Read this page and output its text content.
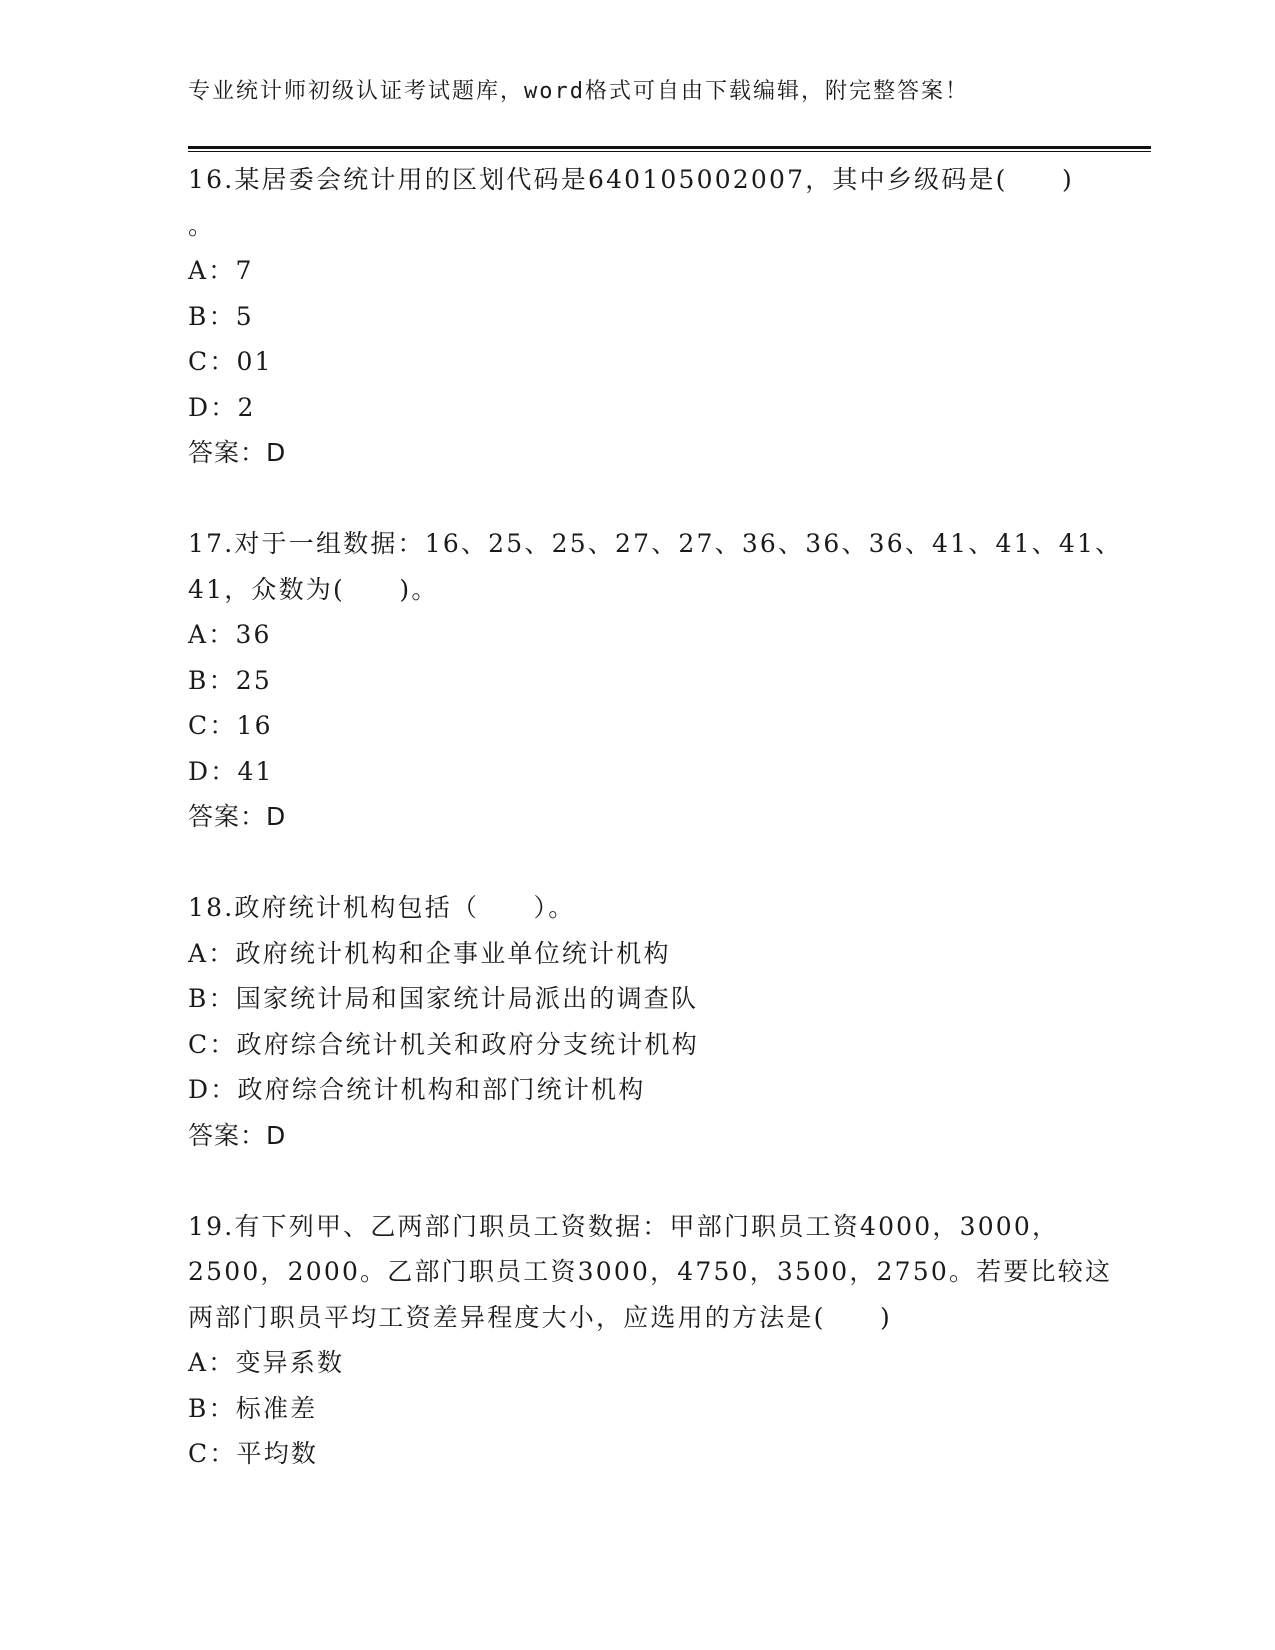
专业统计师初级认证考试题库，word格式可自由下载编辑，附完整答案！
16.某居委会统计用的区划代码是640105002007，其中乡级码是(　　)
。
A：7
B：5
C：01
D：2
答案：D
17.对于一组数据：16、25、25、27、27、36、36、36、41、41、41、
41，众数为(　　)。
A：36
B：25
C：16
D：41
答案：D
18.政府统计机构包括（　　）。
A：政府统计机构和企事业单位统计机构
B：国家统计局和国家统计局派出的调查队
C：政府综合统计机关和政府分支统计机构
D：政府综合统计机构和部门统计机构
答案：D
19.有下列甲、乙两部门职员工资数据：甲部门职员工资4000，3000，
2500，2000。乙部门职员工资3000，4750，3500，2750。若要比较这
两部门职员平均工资差异程度大小，应选用的方法是(　　)
A：变异系数
B：标准差
C：平均数
